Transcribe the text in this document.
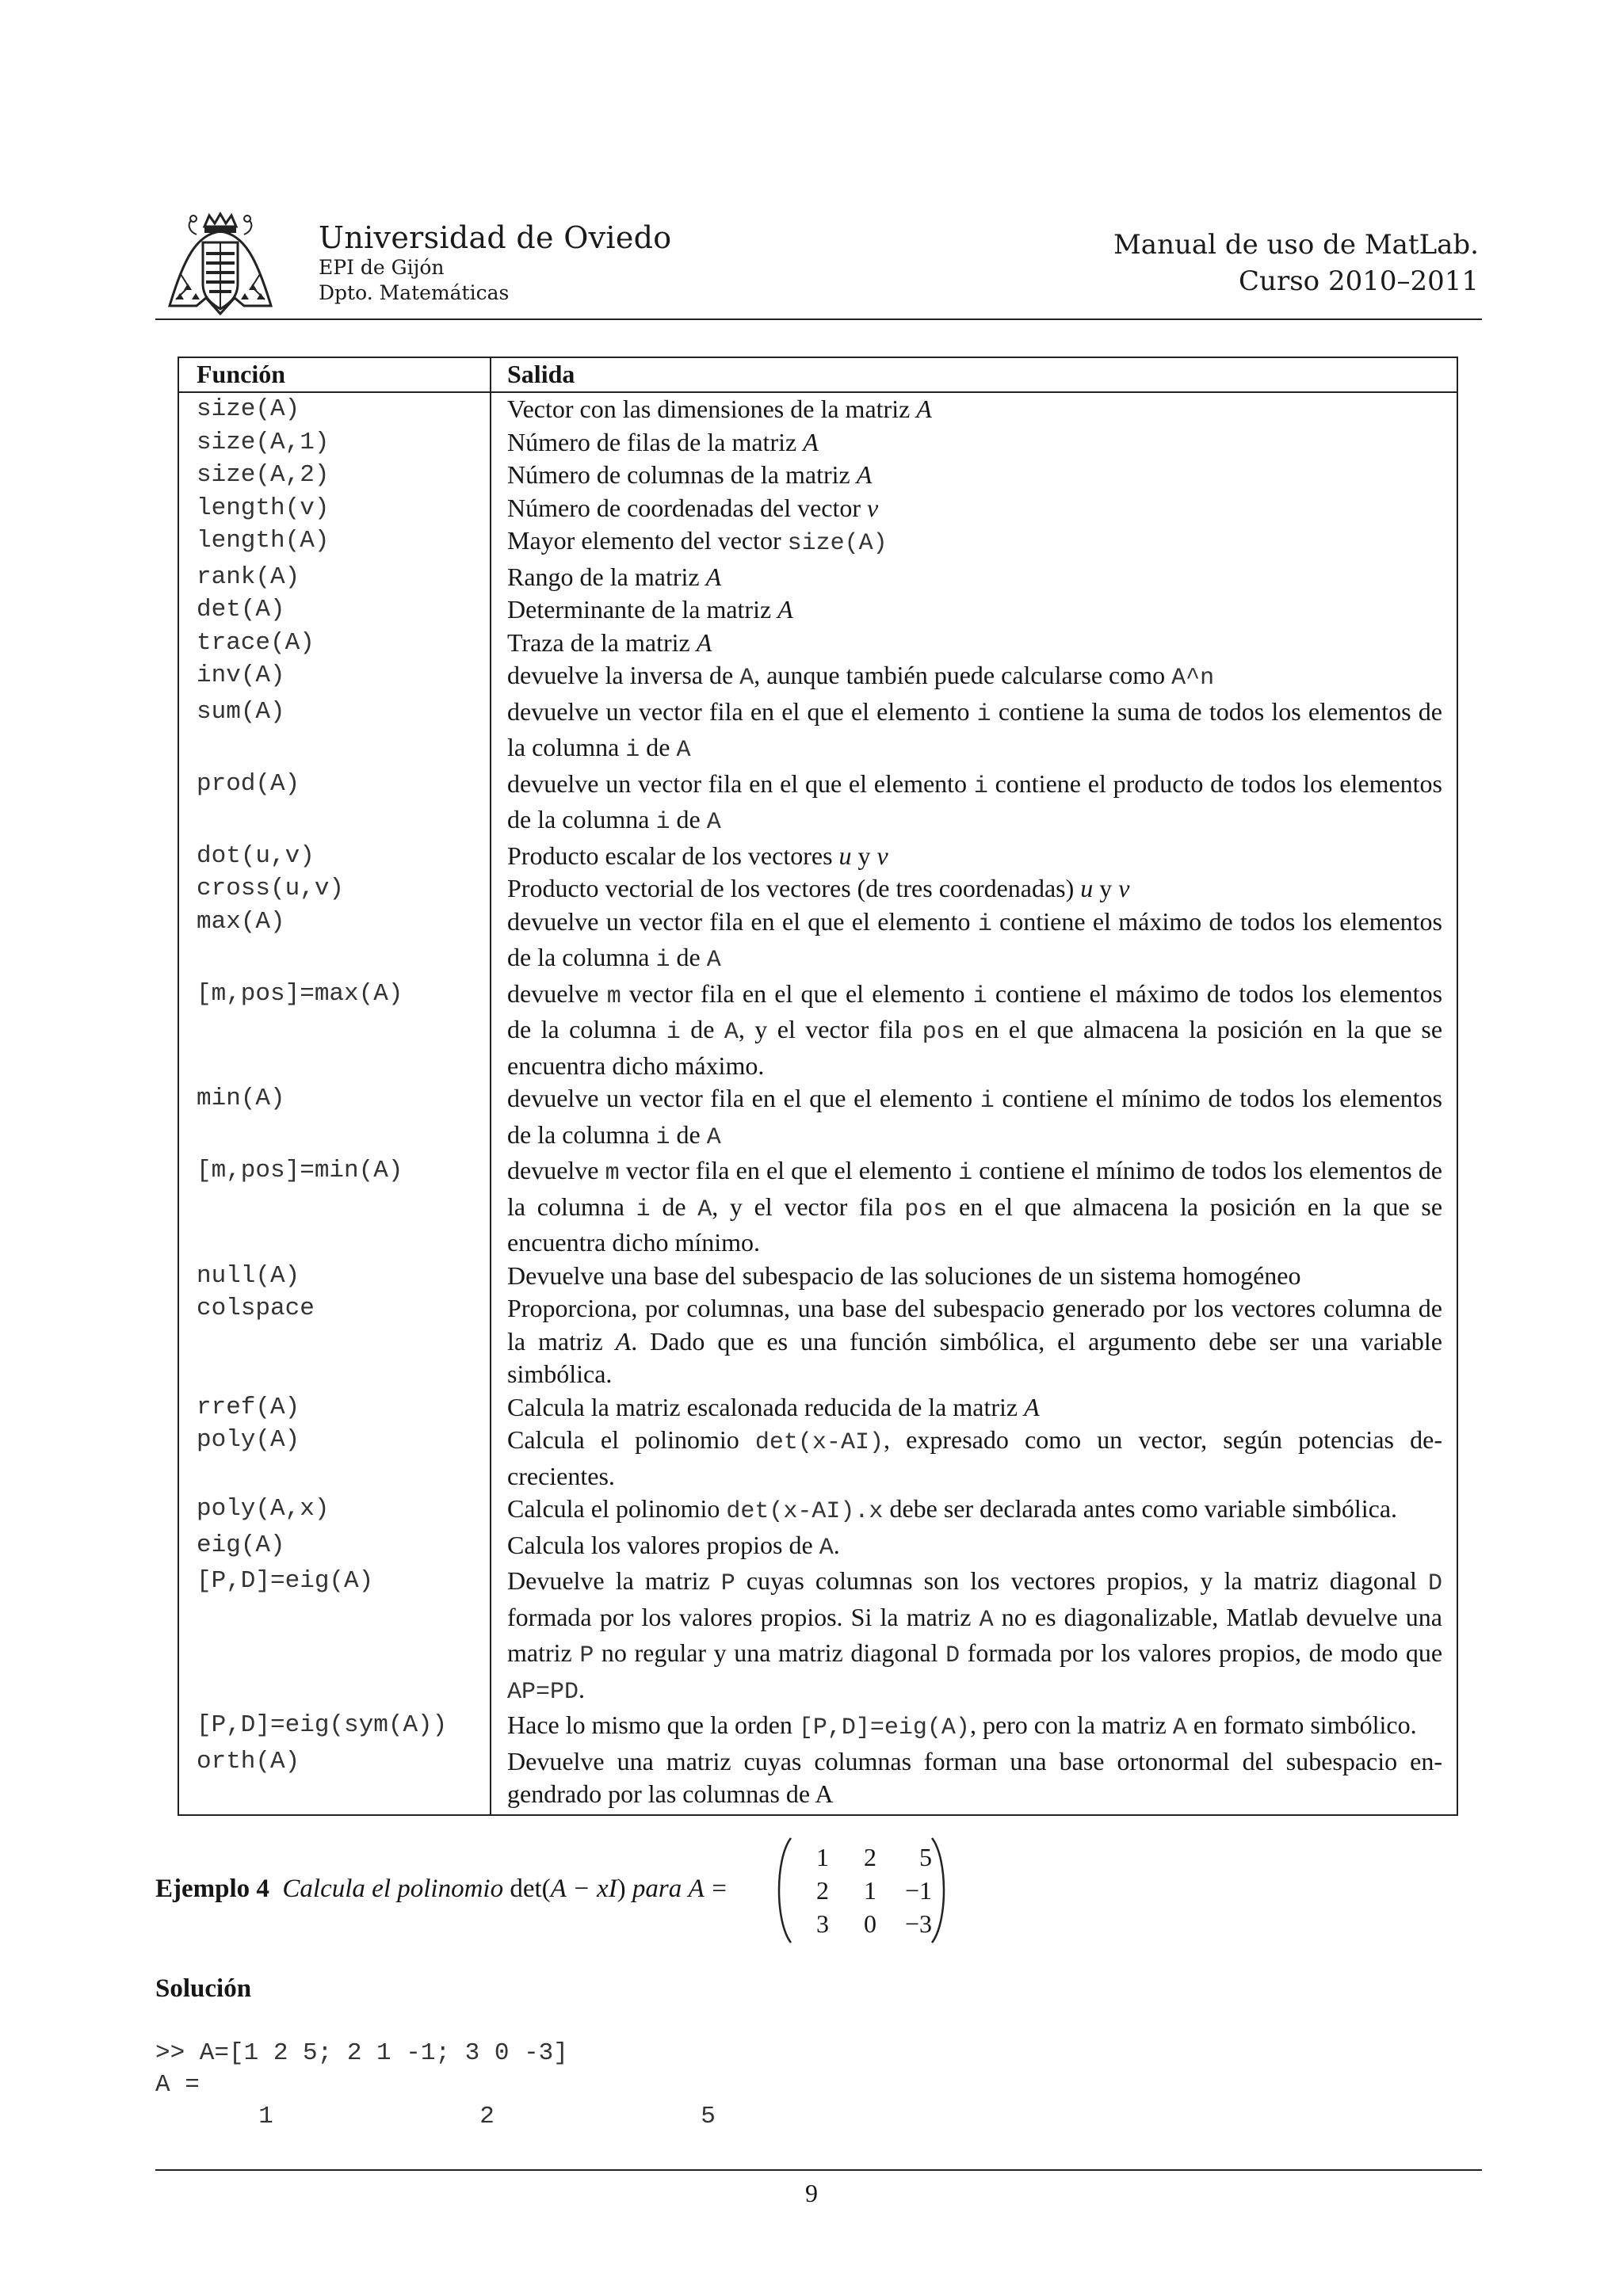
Universidad de Oviedo
EPI de Gijón
Dpto. Matemáticas
Manual de uso de MatLab.
Curso 2010–2011
Función	Salida
size(A)	Vector con las dimensiones de la matriz A
size(A,1)	Número de filas de la matriz A
size(A,2)	Número de columnas de la matriz A
length(v)	Número de coordenadas del vector v
length(A)	Mayor elemento del vector size(A)
rank(A)	Rango de la matriz A
det(A)	Determinante de la matriz A
trace(A)	Traza de la matriz A
inv(A)	devuelve la inversa de A, aunque también puede calcularse como A^n
sum(A)	devuelve un vector fila en el que el elemento i contiene la suma de todos los elementos de la columna i de A
prod(A)	devuelve un vector fila en el que el elemento i contiene el producto de todos los elementos de la columna i de A
dot(u,v)	Producto escalar de los vectores u y v
cross(u,v)	Producto vectorial de los vectores (de tres coordenadas) u y v
max(A)	devuelve un vector fila en el que el elemento i contiene el máximo de todos los elementos de la columna i de A
[m,pos]=max(A)	devuelve m vector fila en el que el elemento i contiene el máximo de todos los elementos de la columna i de A, y el vector fila pos en el que almacena la posición en la que se encuentra dicho máximo.
min(A)	devuelve un vector fila en el que el elemento i contiene el mínimo de todos los elementos de la columna i de A
[m,pos]=min(A)	devuelve m vector fila en el que el elemento i contiene el mínimo de todos los elementos de la columna i de A, y el vector fila pos en el que almacena la posición en la que se encuentra dicho mínimo.
null(A)	Devuelve una base del subespacio de las soluciones de un sistema homogéneo
colspace	Proporciona, por columnas, una base del subespacio generado por los vectores columna de la matriz A. Dado que es una función simbólica, el argumento debe ser una variable simbólica.
rref(A)	Calcula la matriz escalonada reducida de la matriz A
poly(A)	Calcula el polinomio det(x-AI), expresado como un vector, según potencias decrecientes.
poly(A,x)	Calcula el polinomio det(x-AI).x debe ser declarada antes como variable simbólica.
eig(A)	Calcula los valores propios de A.
[P,D]=eig(A)	Devuelve la matriz P cuyas columnas son los vectores propios, y la matriz diagonal D formada por los valores propios. Si la matriz A no es diagonalizable, Matlab devuelve una matriz P no regular y una matriz diagonal D formada por los valores propios, de modo que AP=PD.
[P,D]=eig(sym(A))	Hace lo mismo que la orden [P,D]=eig(A), pero con la matriz A en formato simbólico.
orth(A)	Devuelve una matriz cuyas columnas forman una base ortonormal del subespacio engendrado por las columnas de A
Ejemplo 4 Calcula el polinomio det(A − xI) para A =
1	2	5
2	1	−1
3	0	−3
Solución
>> A=[1 2 5; 2 1 -1; 3 0 -3]
A =
1              2              5
9
